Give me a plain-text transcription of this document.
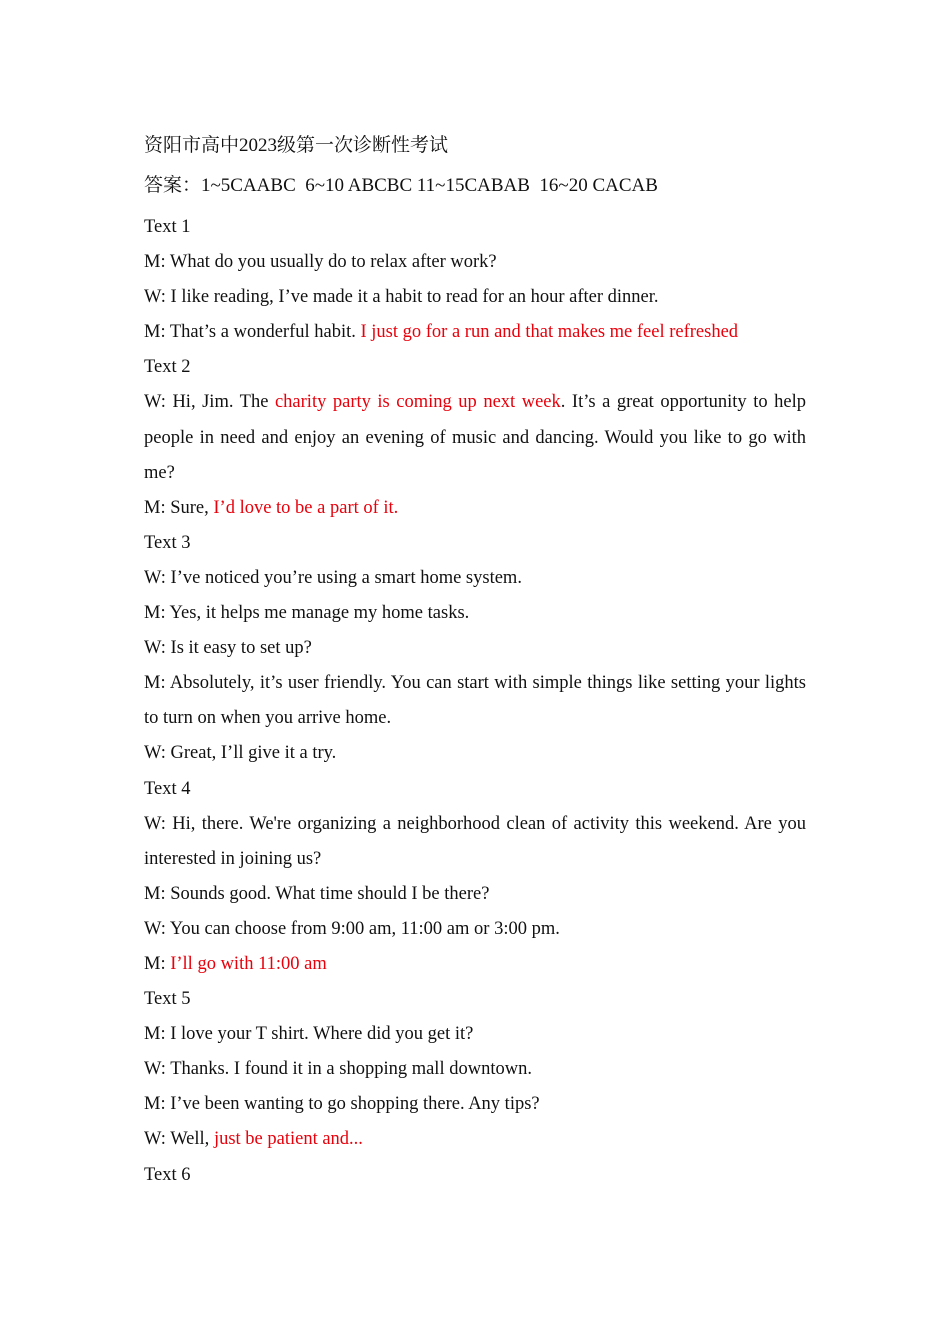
资阳市高中2023级第一次诊断性考试

答案：1~5CAABC  6~10 ABCBC 11~15CABAB  16~20 CACAB

Text 1

M: What do you usually do to relax after work?

W: I like reading, I’ve made it a habit to read for an hour after dinner.

M: That’s a wonderful habit. I just go for a run and that makes me feel refreshed

Text 2

W: Hi, Jim. The charity party is coming up next week. It’s a great opportunity to help people in need and enjoy an evening of music and dancing. Would you like to go with me?

M: Sure, I’d love to be a part of it.

Text 3

W: I’ve noticed you’re using a smart home system.

M: Yes, it helps me manage my home tasks.

W: Is it easy to set up?

M: Absolutely, it’s user friendly. You can start with simple things like setting your lights to turn on when you arrive home.

W: Great, I’ll give it a try.

Text 4

W: Hi, there. We're organizing a neighborhood clean of activity this weekend. Are you interested in joining us?

M: Sounds good. What time should I be there?

W: You can choose from 9:00 am, 11:00 am or 3:00 pm.

M: I’ll go with 11:00 am

Text 5

M: I love your T shirt. Where did you get it?

W: Thanks. I found it in a shopping mall downtown.

M: I’ve been wanting to go shopping there. Any tips?

W: Well, just be patient and...

Text 6
